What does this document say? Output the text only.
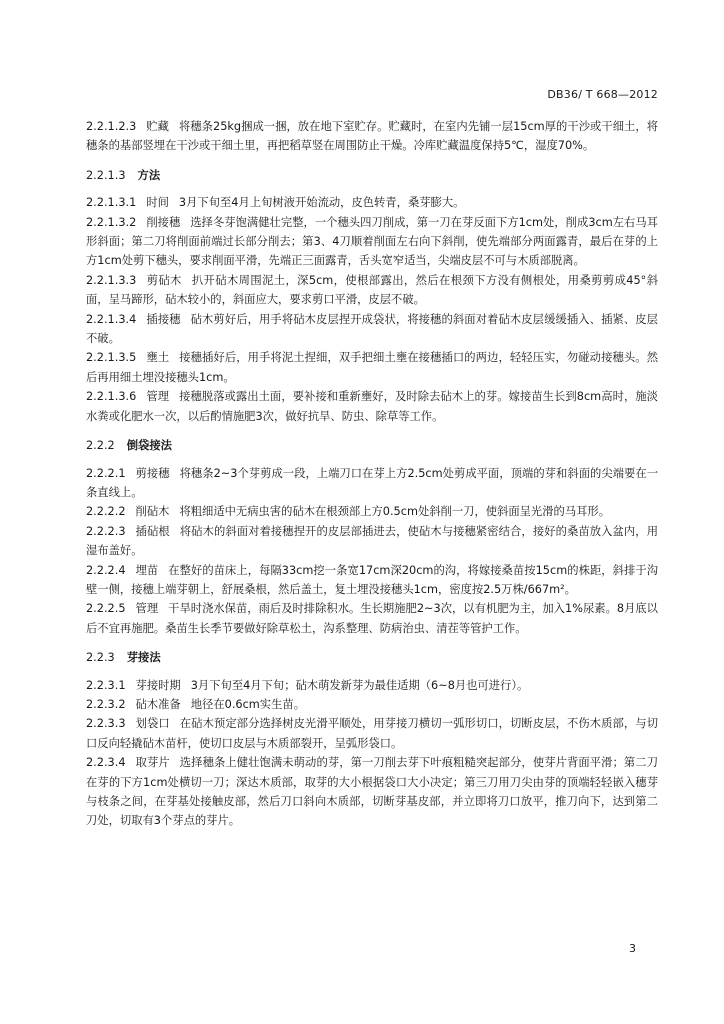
DB36/ T 668—2012

2.2.1.2.3 贮藏 将穗条25kg捆成一捆，放在地下室贮存。贮藏时，在室内先铺一层15cm厚的干沙或干细土，将穗条的基部竖埋在干沙或干细土里，再把稻草竖在周围防止干燥。冷库贮藏温度保持5℃，湿度70%。

2.2.1.3 方法

2.2.1.3.1 时间 3月下旬至4月上旬树液开始流动，皮色转青，桑芽膨大。

2.2.1.3.2 削接穗 选择冬芽饱满健壮完整，一个穗头四刀削成，第一刀在芽反面下方1cm处，削成3cm左右马耳形斜面；第二刀将削面前端过长部分削去；第3、4刀顺着削面左右向下斜削，使先端部分两面露青，最后在芽的上方1cm处剪下穗头，要求削面平滑，先端正三面露青，舌头宽窄适当，尖端皮层不可与木质部脱离。

2.2.1.3.3 剪砧木 扒开砧木周围泥土，深5cm，使根部露出，然后在根颈下方没有侧根处，用桑剪剪成45°斜面，呈马蹄形，砧木较小的，斜面应大，要求剪口平滑，皮层不破。

2.2.1.3.4 插接穗 砧木剪好后，用手将砧木皮层捏开成袋状，将接穗的斜面对着砧木皮层缓缓插入、插紧、皮层不破。

2.2.1.3.5 壅土 接穗插好后，用手将泥土捏细，双手把细土壅在接穗插口的两边，轻轻压实，勿碰动接穗头。然后再用细土埋没接穗头1cm。

2.2.1.3.6 管理 接穗脱落或露出土面，要补接和重新壅好，及时除去砧木上的芽。嫁接苗生长到8cm高时，施淡水粪或化肥水一次，以后酌情施肥3次，做好抗旱、防虫、除草等工作。

2.2.2 倒袋接法

2.2.2.1 剪接穗 将穗条2~3个芽剪成一段，上端刀口在芽上方2.5cm处剪成平面，顶端的芽和斜面的尖端要在一条直线上。

2.2.2.2 削砧木 将粗细适中无病虫害的砧木在根颈部上方0.5cm处斜削一刀，使斜面呈光滑的马耳形。

2.2.2.3 插砧根 将砧木的斜面对着接穗捏开的皮层部插进去，使砧木与接穗紧密结合，接好的桑苗放入盆内，用湿布盖好。

2.2.2.4 埋苗 在整好的苗床上，每隔33cm挖一条宽17cm深20cm的沟，将嫁接桑苗按15cm的株距，斜排于沟壁一侧，接穗上端芽朝上，舒展桑根，然后盖土，复土埋没接穗头1cm，密度按2.5万株/667m²。

2.2.2.5 管理 干旱时浇水保苗，雨后及时排除积水。生长期施肥2~3次，以有机肥为主，加入1%尿素。8月底以后不宜再施肥。桑苗生长季节要做好除草松土，沟系整理、防病治虫、清茬等管护工作。

2.2.3 芽接法

2.2.3.1 芽接时期 3月下旬至4月下旬；砧木萌发新芽为最佳适期（6~8月也可进行）。

2.2.3.2 砧木准备 地径在0.6cm实生苗。

2.2.3.3 划袋口 在砧木预定部分选择树皮光滑平顺处，用芽接刀横切一弧形切口，切断皮层，不伤木质部，与切口反向轻撬砧木苗杆，使切口皮层与木质部裂开，呈弧形袋口。

2.2.3.4 取芽片 选择穗条上健壮饱满未萌动的芽，第一刀削去芽下叶痕粗糙突起部分，使芽片背面平滑；第二刀在芽的下方1cm处横切一刀；深达木质部，取芽的大小根据袋口大小决定；第三刀用刀尖由芽的顶端轻轻嵌入穗芽与枝条之间，在芽基处接触皮部，然后刀口斜向木质部，切断芽基皮部，并立即将刀口放平，推刀向下，达到第二刀处，切取有3个芽点的芽片。

3
